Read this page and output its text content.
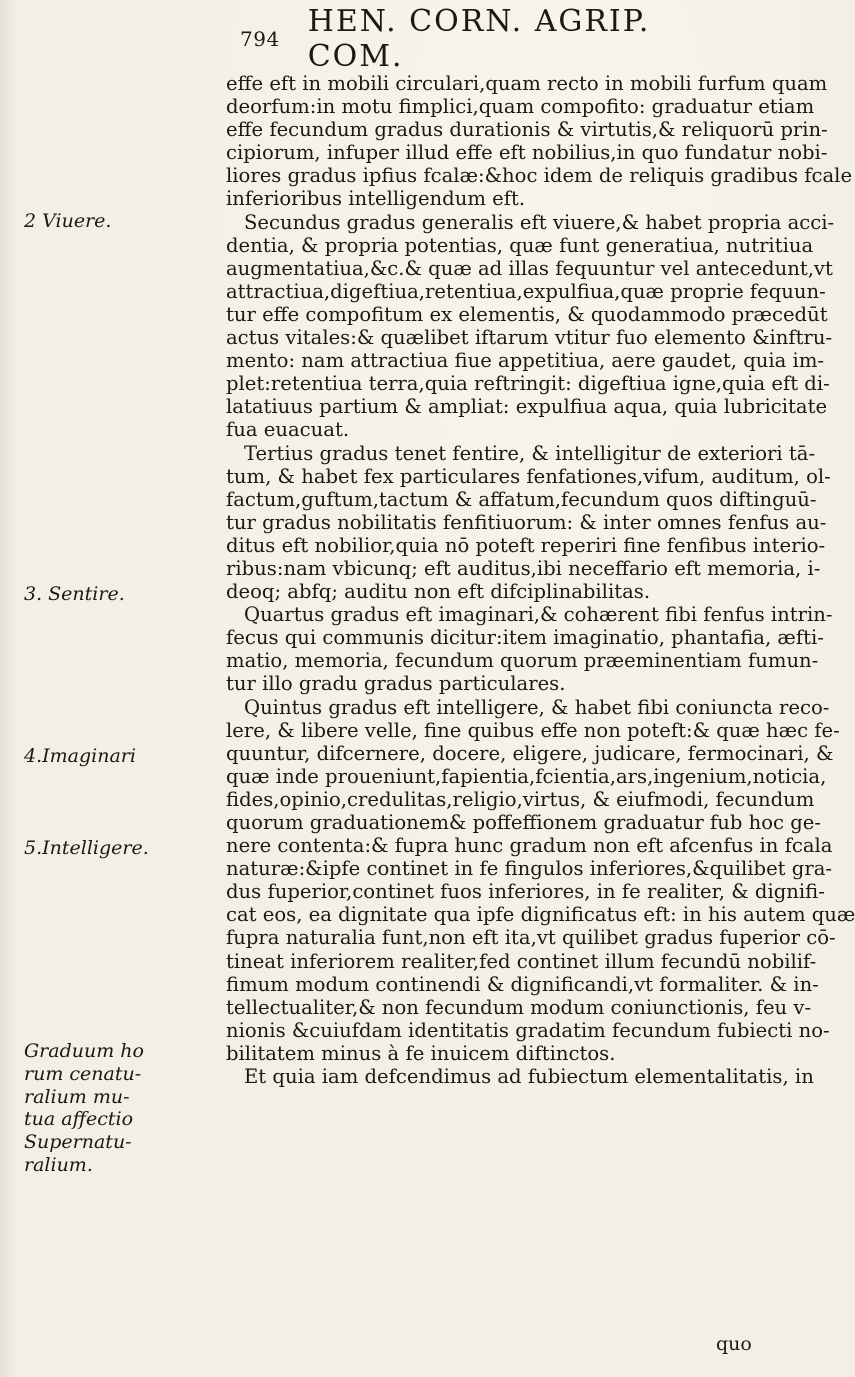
794 HEN. CORN. AGRIP. COM.
effe eft in mobili circulari,quam recto in mobili furfum quam
deorfum:in motu fimplici,quam compofito: graduatur etiam
effe fecundum gradus durationis & virtutis,& reliquorū prin-
cipiorum, infuper illud effe eft nobilius,in quo fundatur nobi-
liores gradus ipfius fcalæ:&hoc idem de reliquis gradibus fcale
inferioribus intelligendum eft.
Secundus gradus generalis eft viuere,& habet propria acci-
dentia, & propria potentias, quæ funt generatiua, nutritiua
augmentatiua,&c.& quæ ad illas fequuntur vel antecedunt,vt
attractiua,digeftiua,retentiua,expulfiua,quæ proprie fequun-
tur effe compofitum ex elementis, & quodammodo præcedūt
actus vitales:& quælibet iftarum vtitur fuo elemento &inftru-
mento: nam attractiua fiue appetitiua, aere gaudet, quia im-
plet:retentiua terra,quia reftringit: digeftiua igne,quia eft di-
latatiuus partium & ampliat: expulfiua aqua, quia lubricitate
fua euacuat.
Tertius gradus tenet fentire, & intelligitur de exteriori tā-
tum, & habet fex particulares fenfationes,vifum, auditum, ol-
factum,guftum,tactum & affatum,fecundum quos diftinguū-
tur gradus nobilitatis fenfitiuorum: & inter omnes fenfus au-
ditus eft nobilior,quia nō poteft reperiri fine fenfibus interio-
ribus:nam vbicunq; eft auditus,ibi neceffario eft memoria, i-
deoq; abfq; auditu non eft difciplinabilitas.
Quartus gradus eft imaginari,& cohærent fibi fenfus intrin-
fecus qui communis dicitur:item imaginatio, phantafia, æfti-
matio, memoria, fecundum quorum præeminentiam fumun-
tur illo gradu gradus particulares.
Quintus gradus eft intelligere, & habet fibi coniuncta reco-
lere, & libere velle, fine quibus effe non poteft:& quæ hæc fe-
quuntur, difcernere, docere, eligere, judicare, fermocinari, &
quæ inde proueniunt,fapientia,fcientia,ars,ingenium,noticia,
fides,opinio,credulitas,religio,virtus, & eiufmodi, fecundum
quorum graduationem& poffeffionem graduatur fub hoc ge-
nere contenta:& fupra hunc gradum non eft afcenfus in fcala
naturæ:&ipfe continet in fe fingulos inferiores,&quilibet gra-
dus fuperior,continet fuos inferiores, in fe realiter, & dignifi-
cat eos, ea dignitate qua ipfe dignificatus eft: in his autem quæ
fupra naturalia funt,non eft ita,vt quilibet gradus fuperior cō-
tineat inferiorem realiter,fed continet illum fecundū nobilif-
fimum modum continendi & dignificandi,vt formaliter. & in-
tellectualiter,& non fecundum modum coniunctionis, feu v-
nionis &cuiufdam identitatis gradatim fecundum fubiecti no-
bilitatem minus à fe inuicem diftinctos.
Et quia iam defcendimus ad fubiectum elementalitatis, in
2 Viuere.
3. Sentire.
4.Imaginari
5.Intelligere.
Graduum ho
rum cenatu-
ralium mu-
tua affectio
Supernatu-
ralium.
quo
